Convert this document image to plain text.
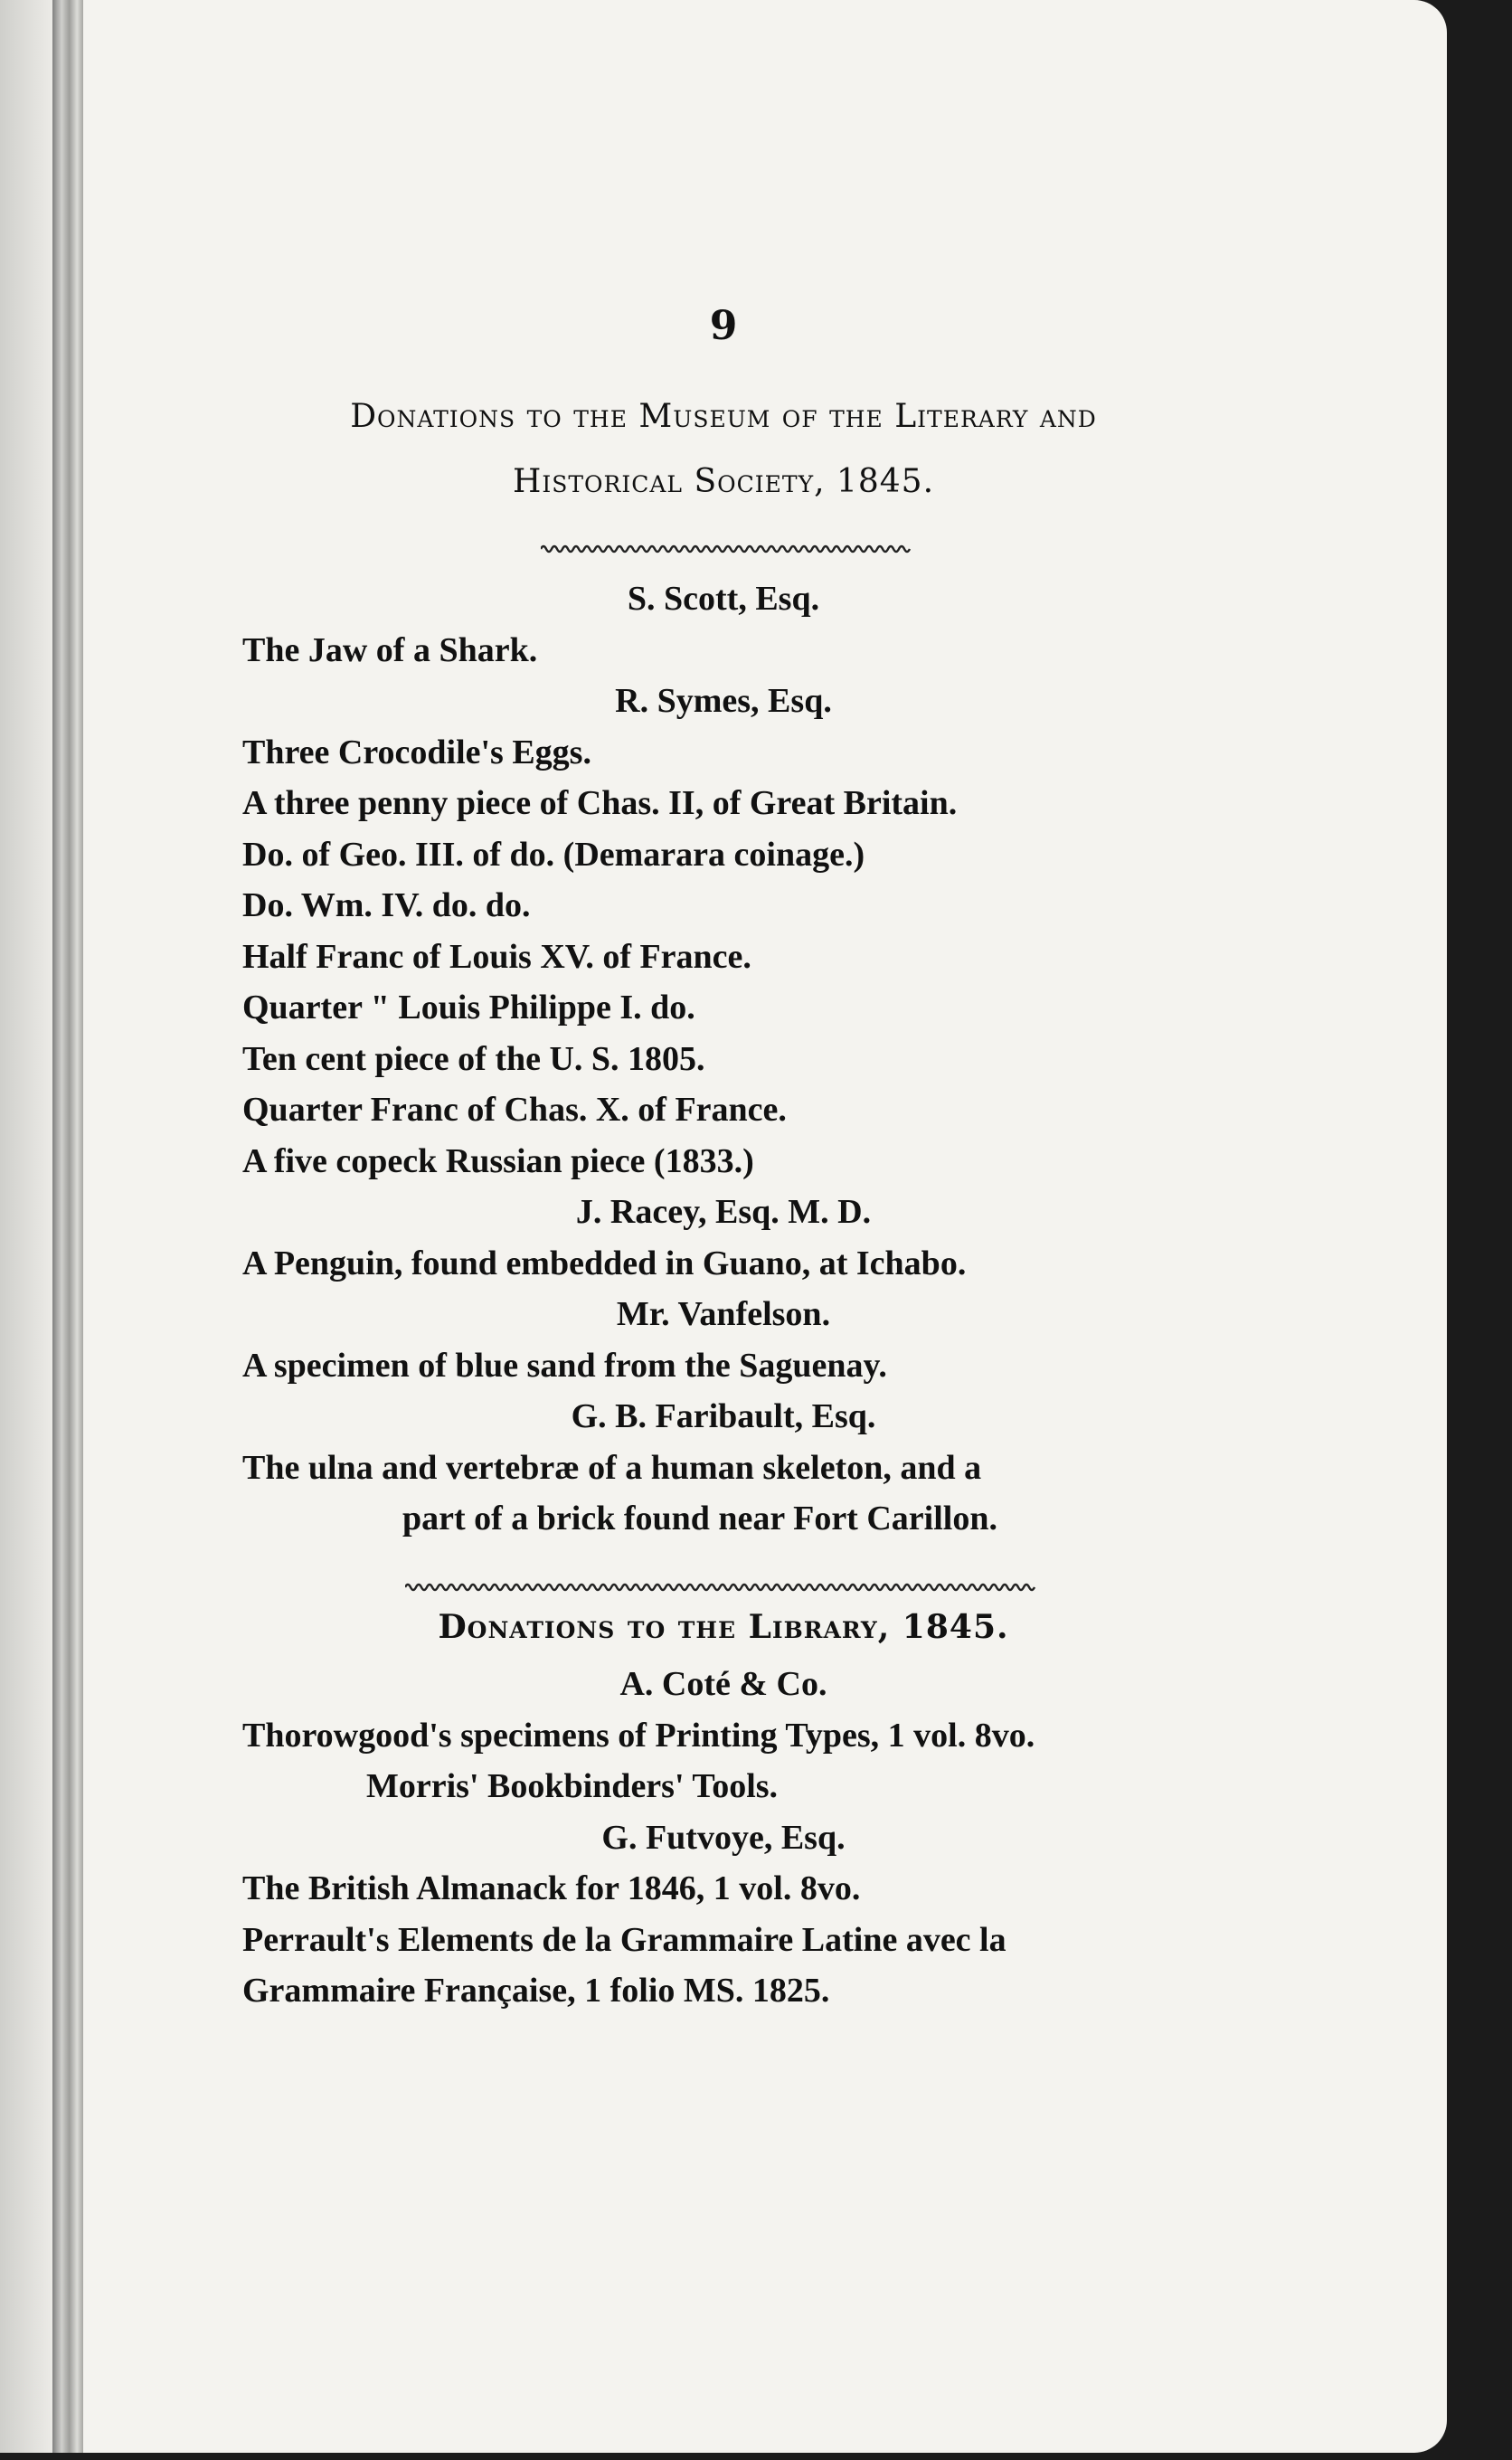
9
Donations to the Museum of the Literary and
Historical Society, 1845.
S. Scott, Esq.
The Jaw of a Shark.
R. Symes, Esq.
Three Crocodile's Eggs.
A three penny piece of Chas. II, of Great Britain.
Do. of Geo. III. of do. (Demarara coinage.)
Do. Wm. IV. do. do.
Half Franc of Louis XV. of France.
Quarter " Louis Philippe I. do.
Ten cent piece of the U. S. 1805.
Quarter Franc of Chas. X. of France.
A five copeck Russian piece (1833.)
J. Racey, Esq. M. D.
A Penguin, found embedded in Guano, at Ichabo.
Mr. Vanfelson.
A specimen of blue sand from the Saguenay.
G. B. Faribault, Esq.
The ulna and vertebræ of a human skeleton, and a
part of a brick found near Fort Carillon.
Donations to the Library, 1845.
A. Coté & Co.
Thorowgood's specimens of Printing Types, 1 vol. 8vo.
Morris' Bookbinders' Tools.
G. Futvoye, Esq.
The British Almanack for 1846, 1 vol. 8vo.
Perrault's Elements de la Grammaire Latine avec la
Grammaire Française, 1 folio MS. 1825.
